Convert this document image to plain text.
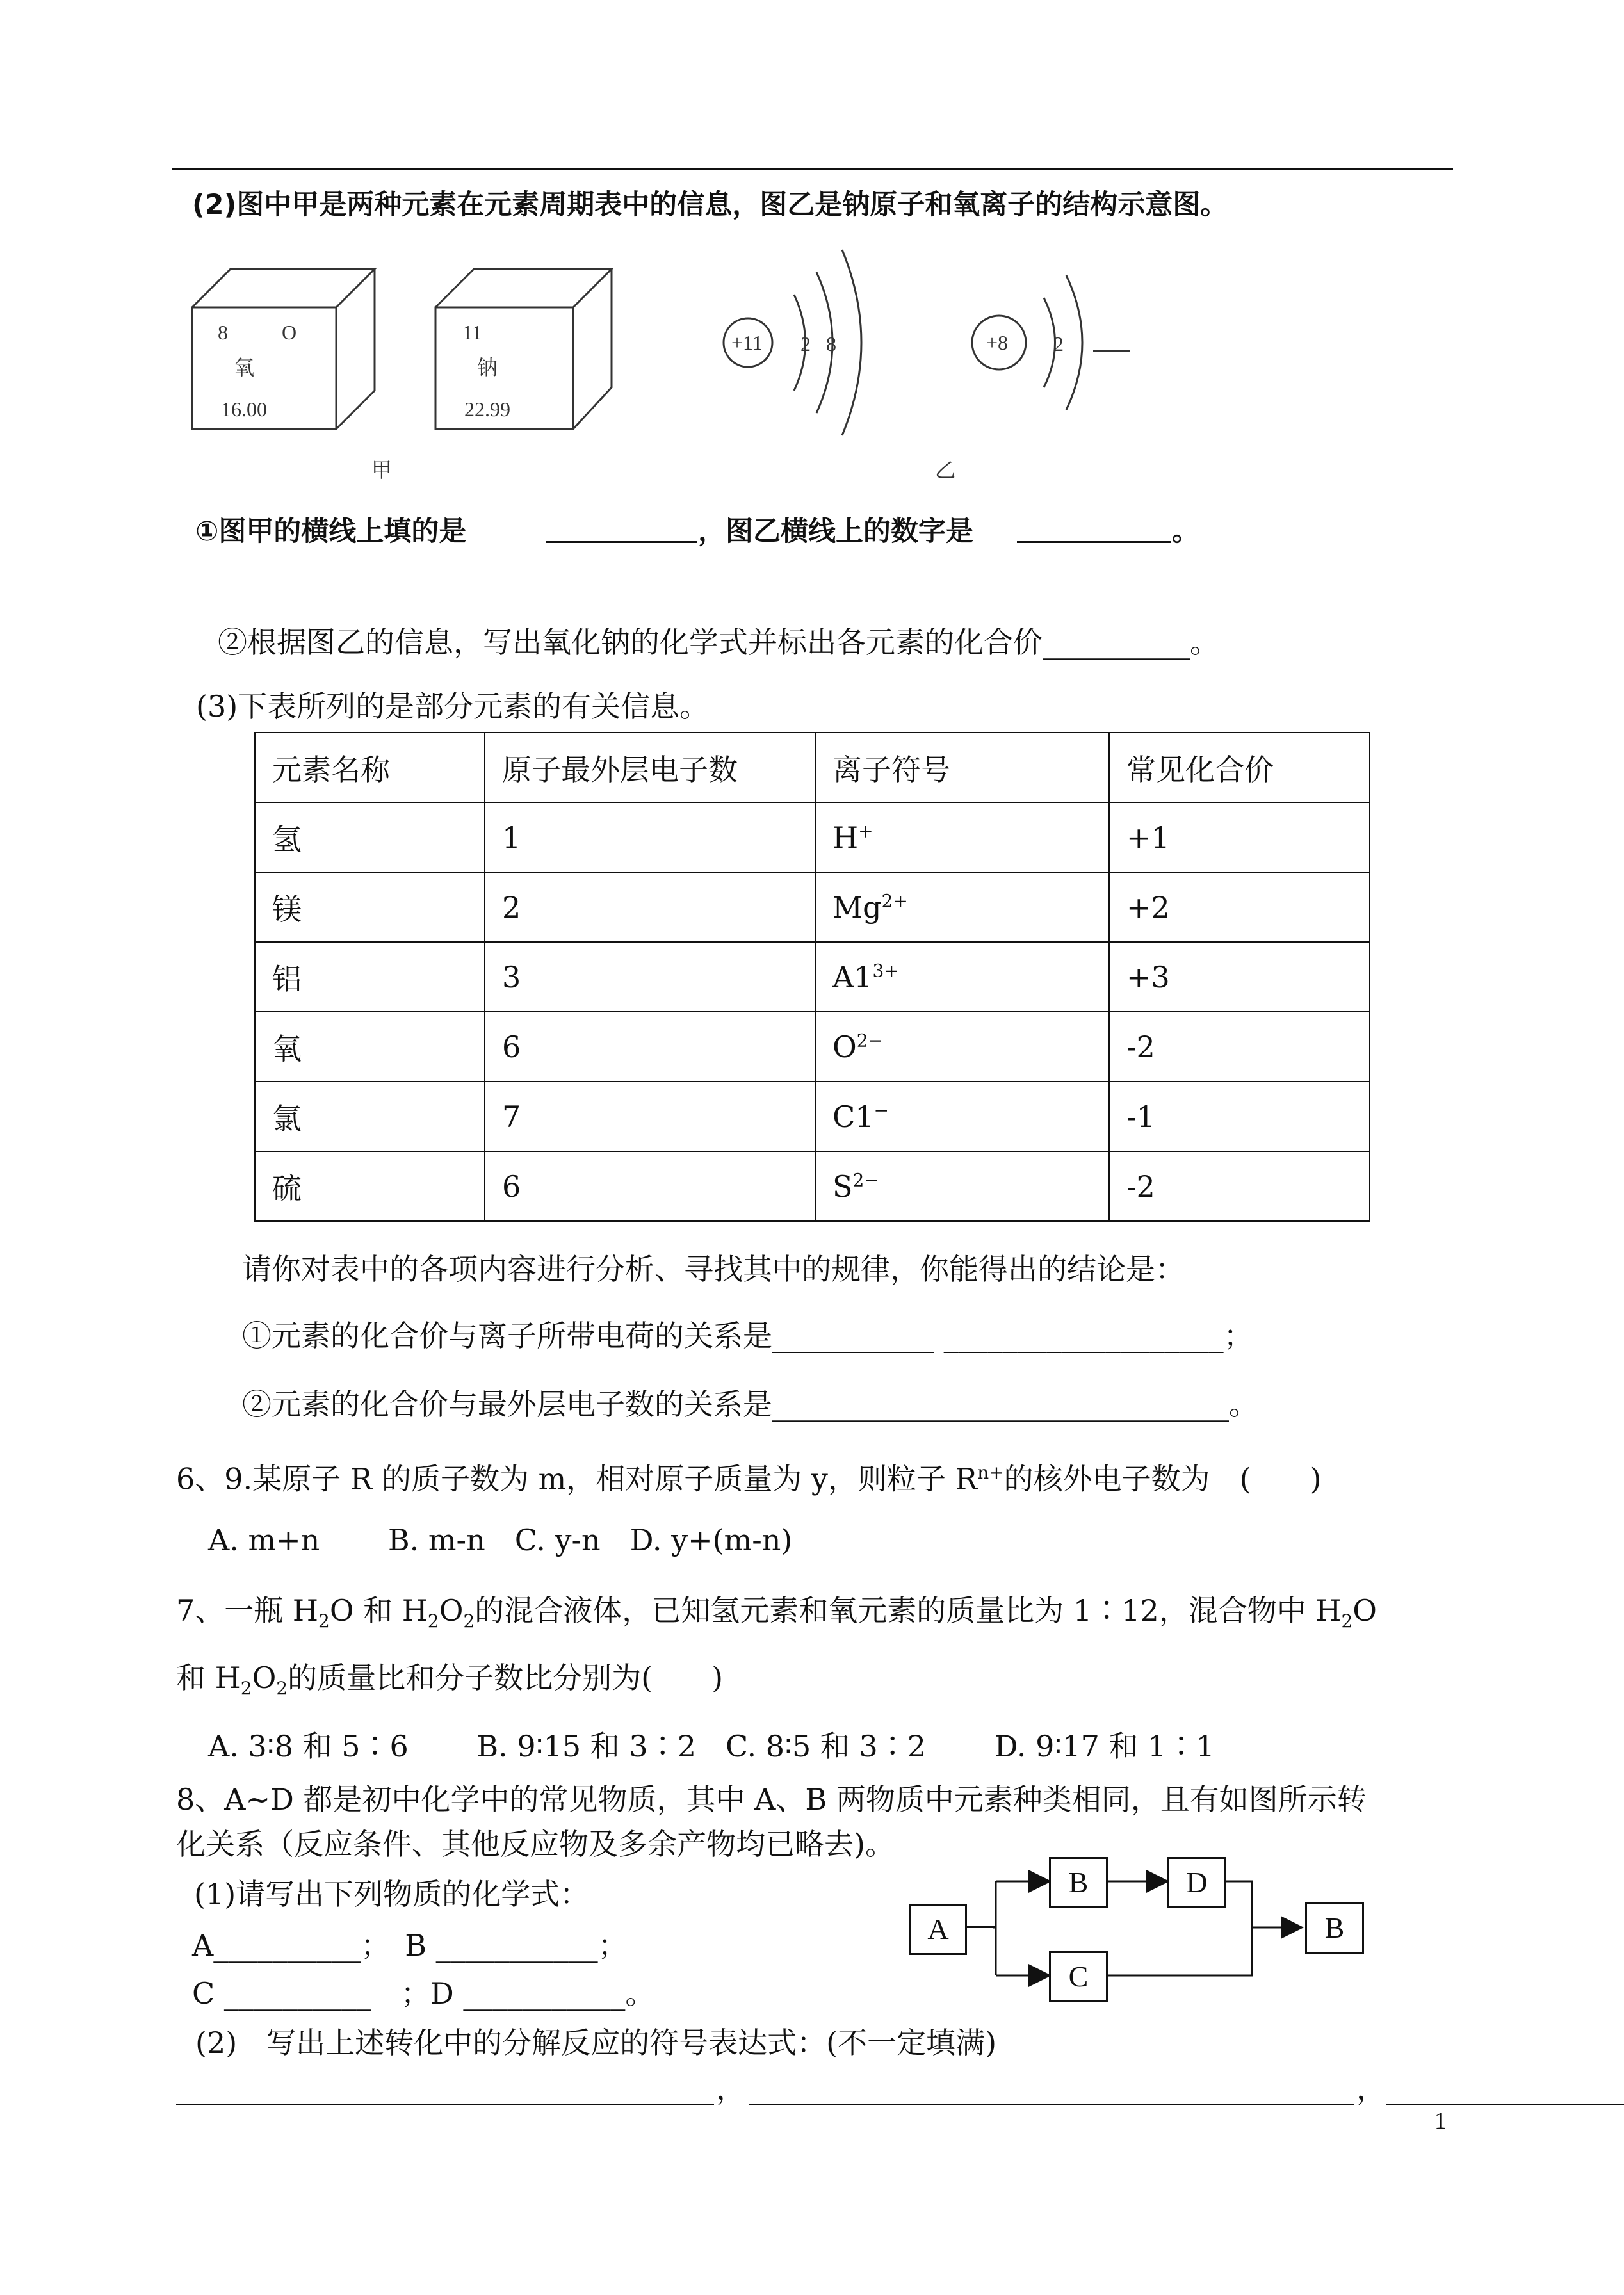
(2)图中甲是两种元素在元素周期表中的信息，图乙是钠原子和氧离子的结构示意图。
8	O
氧
16.00
11
钠
22.99
+11 2 8	+8 2
甲	乙
①图甲的横线上填的是	，图乙横线上的数字是	。
②根据图乙的信息，写出氧化钠的化学式并标出各元素的化合价__________。
(3)下表所列的是部分元素的有关信息。
元素名称	原子最外层电子数	离子符号	常见化合价
氢	1	H+	+1
镁	2	$Mg^{2+}$	+2
铝	3	$A1^{3+}$	+3
氧	6	$O^{2-}$	-2
氯	7	C1−	-1
硫	6	$S^{2-}$	-2
请你对表中的各项内容进行分析、寻找其中的规律，你能得出的结论是：
①元素的化合价与离子所带电荷的关系是___________ ___________________；
②元素的化合价与最外层电子数的关系是_______________________________。
6、9.某原子 R 的质子数为 m，相对原子质量为 y，则粒子 $R^{n+}$的核外电子数为　(　　)
A. m+n　　 B. m-n　C. y-n　D. y+(m-n)
7、一瓶 $H_2O$ 和 $H_2O_2$的混合液体，已知氢元素和氧元素的质量比为 1∶12，混合物中 $H_2O$
和 $H_2O_2$的质量比和分子数比分别为(　　)
A. 3∶8 和 5∶6　　 B. 9∶15 和 3∶2　C. 8∶5 和 3∶2　　 D. 9∶17 和 1∶1
8、A~D 都是初中化学中的常见物质，其中 A、B 两物质中元素种类相同，且有如图所示转
化关系（反应条件、其他反应物及多余产物均已略去)。
(1)请写出下列物质的化学式：
A__________；　B ___________；
C __________　；D ___________。
(2)　写出上述转化中的分解反应的符号表达式：(不一定填满)
A
B	D
C
B
，	，
1
